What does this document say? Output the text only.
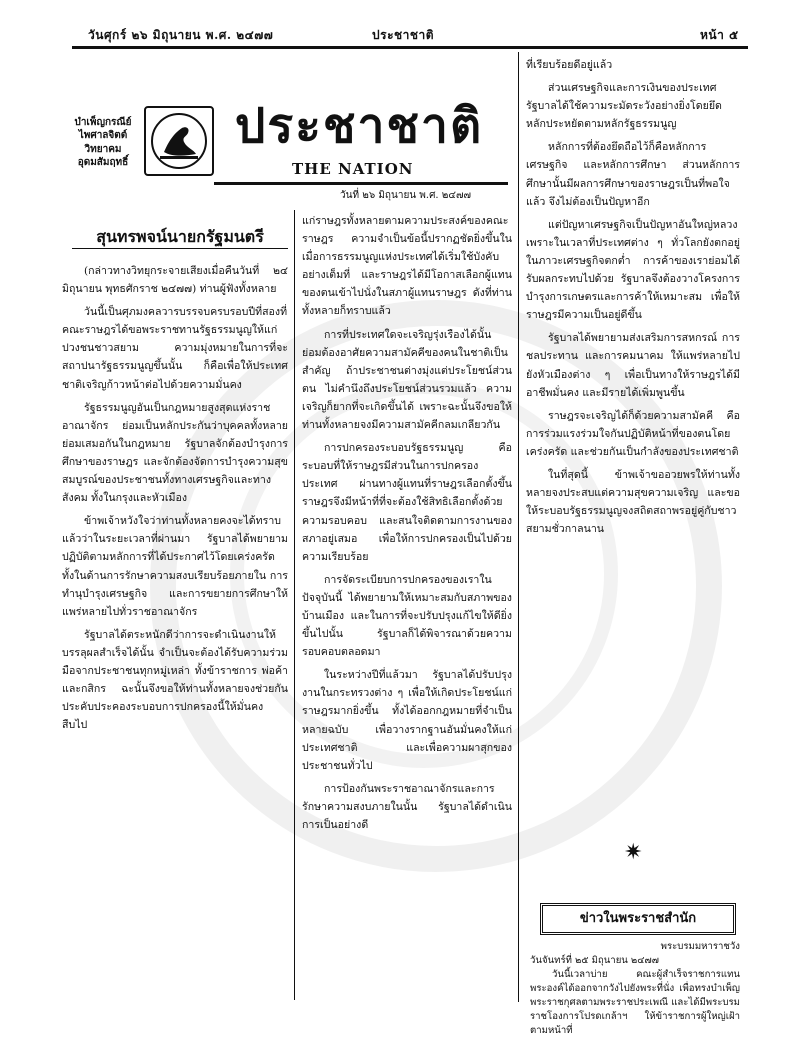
วันศุกร์ ๒๖ มิถุนายน พ.ศ. ๒๔๗๗	ประชาชาติ	หน้า ๕
บำเพ็ญกรณีย์
ไพศาลจิตต์
วิทยาคม
อุดมสัมฤทธิ์
ประชาชาติ
THE NATION
วันที่ ๒๖ มิถุนายน พ.ศ. ๒๔๗๗
สุนทรพจน์นายกรัฐมนตรี

(กล่าวทางวิทยุกระจายเสียงเมื่อคืนวันที่ ๒๔ มิถุนายน พุทธศักราช ๒๔๗๗) ท่านผู้ฟังทั้งหลาย

วันนี้เป็นศุภมงคลวารบรรจบครบรอบปีที่สองที่คณะราษฎรได้ขอพระราชทานรัฐธรรมนูญให้แก่ปวงชนชาวสยาม ความมุ่งหมายในการที่จะสถาปนารัฐธรรมนูญขึ้นนั้น ก็คือเพื่อให้ประเทศชาติเจริญก้าวหน้าต่อไปด้วยความมั่นคง

รัฐธรรมนูญอันเป็นกฎหมายสูงสุดแห่งราชอาณาจักร ย่อมเป็นหลักประกันว่าบุคคลทั้งหลายย่อมเสมอกันในกฎหมาย รัฐบาลจักต้องบำรุงการศึกษาของราษฎร และจักต้องจัดการบำรุงความสุขสมบูรณ์ของประชาชนทั้งทางเศรษฐกิจและทางสังคม ทั้งในกรุงและหัวเมือง

ข้าพเจ้าหวังใจว่าท่านทั้งหลายคงจะได้ทราบแล้วว่าในระยะเวลาที่ผ่านมา รัฐบาลได้พยายามปฏิบัติตามหลักการที่ได้ประกาศไว้โดยเคร่งครัด ทั้งในด้านการรักษาความสงบเรียบร้อยภายใน การทำนุบำรุงเศรษฐกิจ และการขยายการศึกษาให้แพร่หลายไปทั่วราชอาณาจักร

รัฐบาลได้ตระหนักดีว่าการจะดำเนินงานให้บรรลุผลสำเร็จได้นั้น จำเป็นจะต้องได้รับความร่วมมือจากประชาชนทุกหมู่เหล่า ทั้งข้าราชการ พ่อค้า และกสิกร ฉะนั้นจึงขอให้ท่านทั้งหลายจงช่วยกันประคับประคองระบอบการปกครองนี้ให้มั่นคงสืบไป

แก่ราษฎรทั้งหลายตามความประสงค์ของคณะราษฎร ความจำเป็นข้อนี้ปรากฏชัดยิ่งขึ้นในเมื่อการธรรมนูญแห่งประเทศได้เริ่มใช้บังคับอย่างเต็มที่ และราษฎรได้มีโอกาสเลือกผู้แทนของตนเข้าไปนั่งในสภาผู้แทนราษฎร ดังที่ท่านทั้งหลายก็ทราบแล้ว

การที่ประเทศใดจะเจริญรุ่งเรืองได้นั้น ย่อมต้องอาศัยความสามัคคีของคนในชาติเป็นสำคัญ ถ้าประชาชนต่างมุ่งแต่ประโยชน์ส่วนตน ไม่คำนึงถึงประโยชน์ส่วนรวมแล้ว ความเจริญก็ยากที่จะเกิดขึ้นได้ เพราะฉะนั้นจึงขอให้ท่านทั้งหลายจงมีความสามัคคีกลมเกลียวกัน

การปกครองระบอบรัฐธรรมนูญ คือ ระบอบที่ให้ราษฎรมีส่วนในการปกครองประเทศ ผ่านทางผู้แทนที่ราษฎรเลือกตั้งขึ้น ราษฎรจึงมีหน้าที่ที่จะต้องใช้สิทธิเลือกตั้งด้วยความรอบคอบ และสนใจติดตามการงานของสภาอยู่เสมอ เพื่อให้การปกครองเป็นไปด้วยความเรียบร้อย

การจัดระเบียบการปกครองของเราในปัจจุบันนี้ ได้พยายามให้เหมาะสมกับสภาพของบ้านเมือง และในการที่จะปรับปรุงแก้ไขให้ดียิ่งขึ้นไปนั้น รัฐบาลก็ได้พิจารณาด้วยความรอบคอบตลอดมา

ในระหว่างปีที่แล้วมา รัฐบาลได้ปรับปรุงงานในกระทรวงต่าง ๆ เพื่อให้เกิดประโยชน์แก่ราษฎรมากยิ่งขึ้น ทั้งได้ออกกฎหมายที่จำเป็นหลายฉบับ เพื่อวางรากฐานอันมั่นคงให้แก่ประเทศชาติ และเพื่อความผาสุกของประชาชนทั่วไป

การป้องกันพระราชอาณาจักรและการรักษาความสงบภายในนั้น รัฐบาลได้ดำเนินการเป็นอย่างดี

ที่เรียบร้อยดีอยู่แล้ว

ส่วนเศรษฐกิจและการเงินของประเทศ รัฐบาลได้ใช้ความระมัดระวังอย่างยิ่งโดยยึดหลักประหยัดตามหลักรัฐธรรมนูญ

หลักการที่ต้องยึดถือไว้ก็คือหลักการเศรษฐกิจ และหลักการศึกษา ส่วนหลักการศึกษานั้นมีผลการศึกษาของราษฎรเป็นที่พอใจแล้ว จึงไม่ต้องเป็นปัญหาอีก

แต่ปัญหาเศรษฐกิจเป็นปัญหาอันใหญ่หลวง เพราะในเวลาที่ประเทศต่าง ๆ ทั่วโลกยังตกอยู่ในภาวะเศรษฐกิจตกต่ำ การค้าของเราย่อมได้รับผลกระทบไปด้วย รัฐบาลจึงต้องวางโครงการบำรุงการเกษตรและการค้าให้เหมาะสม เพื่อให้ราษฎรมีความเป็นอยู่ดีขึ้น

รัฐบาลได้พยายามส่งเสริมการสหกรณ์ การชลประทาน และการคมนาคม ให้แพร่หลายไปยังหัวเมืองต่าง ๆ เพื่อเป็นทางให้ราษฎรได้มีอาชีพมั่นคง และมีรายได้เพิ่มพูนขึ้น

ราษฎรจะเจริญได้ก็ด้วยความสามัคคี คือการร่วมแรงร่วมใจกันปฏิบัติหน้าที่ของตนโดยเคร่งครัด และช่วยกันเป็นกำลังของประเทศชาติ

ในที่สุดนี้ ข้าพเจ้าขออวยพรให้ท่านทั้งหลายจงประสบแต่ความสุขความเจริญ และขอให้ระบอบรัฐธรรมนูญจงสถิตสถาพรอยู่คู่กับชาวสยามชั่วกาลนาน

✷
ข่าวในพระราชสำนัก

พระบรมมหาราชวัง

วันจันทร์ที่ ๒๕ มิถุนายน ๒๔๗๗

วันนี้เวลาบ่าย คณะผู้สำเร็จราชการแทนพระองค์ได้ออกจากวังไปยังพระที่นั่ง เพื่อทรงบำเพ็ญพระราชกุศลตามพระราชประเพณี และได้มีพระบรมราชโองการโปรดเกล้าฯ ให้ข้าราชการผู้ใหญ่เฝ้าตามหน้าที่
